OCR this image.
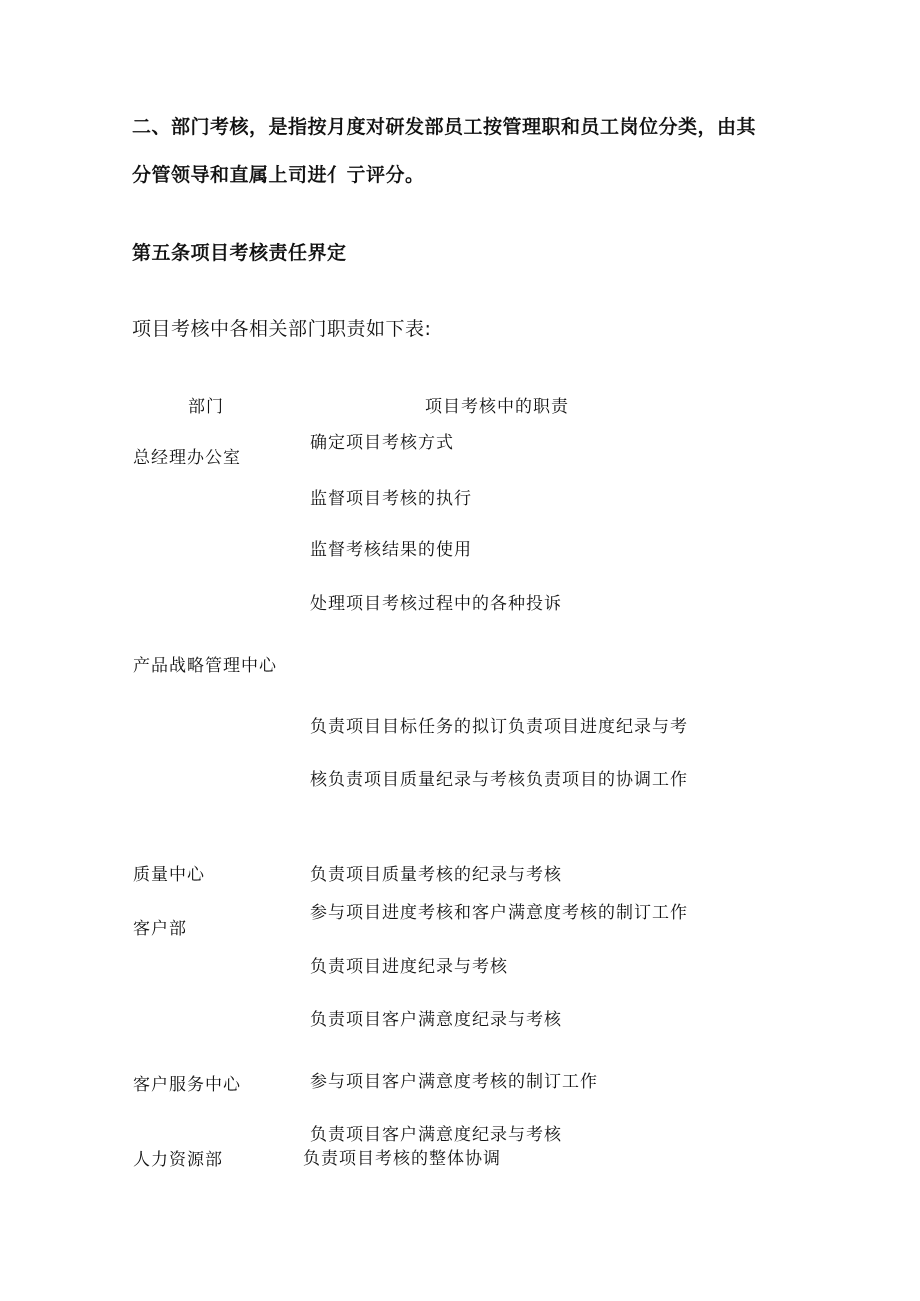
二、部门考核，是指按月度对研发部员工按管理职和员工岗位分类，由其
分管领导和直属上司进亻亍评分。
第五条项目考核责任界定
项目考核中各相关部门职责如下表:
部门	项目考核中的职责
总经理办公室
产品战略管理中心
质量中心
客户部
客户服务中心
人力资源部
确定项目考核方式
监督项目考核的执行
监督考核结果的使用
处理项目考核过程中的各种投诉
负责项目目标任务的拟订负责项目进度纪录与考
核负责项目质量纪录与考核负责项目的协调工作
负责项目质量考核的纪录与考核
参与项目进度考核和客户满意度考核的制订工作
负责项目进度纪录与考核
负责项目客户满意度纪录与考核
参与项目客户满意度考核的制订工作
负责项目客户满意度纪录与考核
负责项目考核的整体协调
